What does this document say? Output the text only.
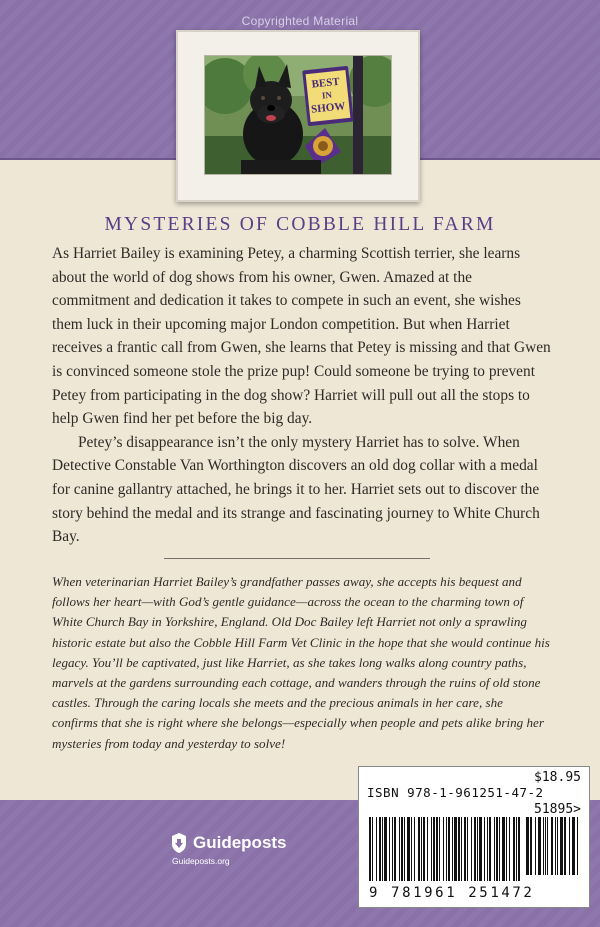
Copyrighted Material
BEST
IN
SHOW
MYSTERIES OF COBBLE HILL FARM

As Harriet Bailey is examining Petey, a charming Scottish terrier, she learns about the world of dog shows from his owner, Gwen. Amazed at the commitment and dedication it takes to compete in such an event, she wishes them luck in their upcoming major London competition. But when Harriet receives a frantic call from Gwen, she learns that Petey is missing and that Gwen is convinced someone stole the prize pup! Could someone be trying to prevent Petey from participating in the dog show? Harriet will pull out all the stops to help Gwen find her pet before the big day.

Petey’s disappearance isn’t the only mystery Harriet has to solve. When Detective Constable Van Worthington discovers an old dog collar with a medal for canine gallantry attached, he brings it to her. Harriet sets out to discover the story behind the medal and its strange and fascinating journey to White Church Bay.

When veterinarian Harriet Bailey’s grandfather passes away, she accepts his bequest and follows her heart—with God’s gentle guidance—across the ocean to the charming town of White Church Bay in Yorkshire, England. Old Doc Bailey left Harriet not only a sprawling historic estate but also the Cobble Hill Farm Vet Clinic in the hope that she would continue his legacy. You’ll be captivated, just like Harriet, as she takes long walks along country paths, marvels at the gardens surrounding each cottage, and wanders through the ruins of old stone castles. Through the caring locals she meets and the precious animals in her care, she confirms that she is right where she belongs—especially when people and pets alike bring her mysteries from today and yesterday to solve!
Guideposts
Guideposts.org
$18.95
ISBN 978-1-961251-47-2
51895>
9 781961 251472
